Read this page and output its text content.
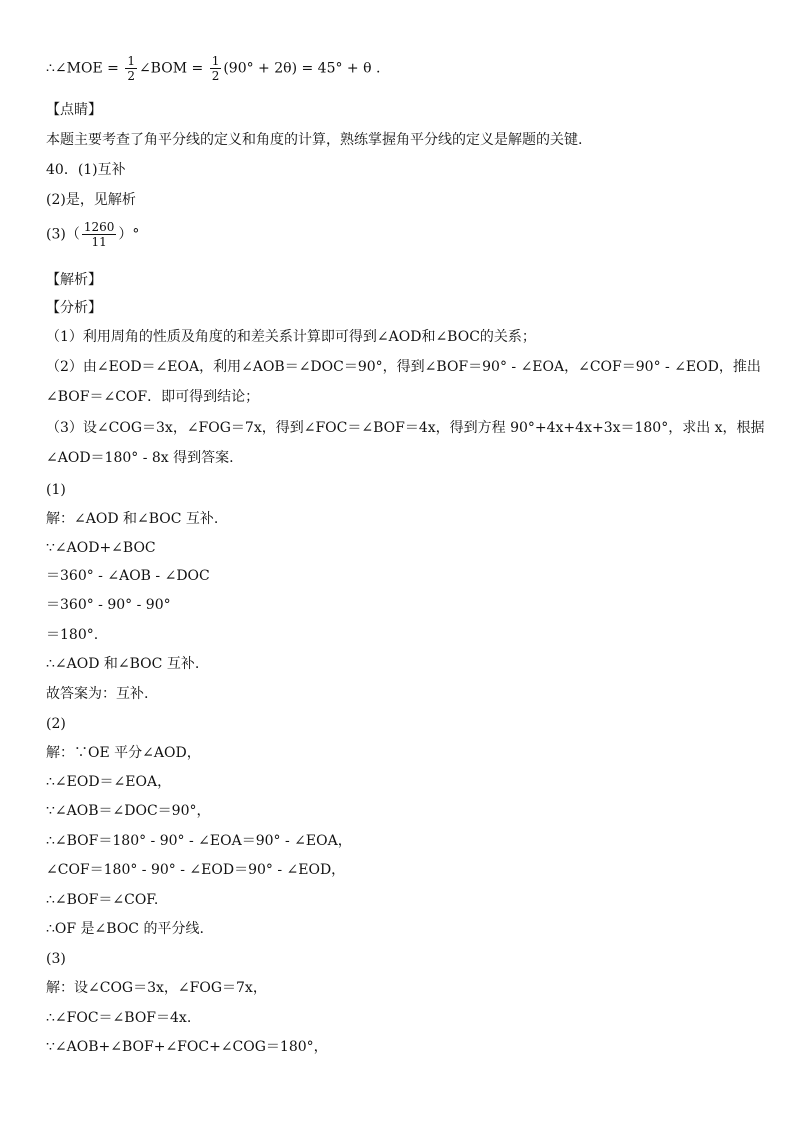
∴∠MOE = $\frac{1}{2}$ ∠BOM = $\frac{1}{2} (90^\circ + 2\theta) = 45^\circ + \theta$ .
【点睛】
本题主要考查了角平分线的定义和角度的计算，熟练掌握角平分线的定义是解题的关键.
40．(1)互补
(2)是，见解析
$(3)( \frac{1260}{11}$ ）°
【解析】
【分析】
（1）利用周角的性质及角度的和差关系计算即可得到∠AOD和∠BOC的关系；
（2）由∠EOD＝∠EOA，利用∠AOB＝∠DOC＝90°，得到∠BOF＝90° - ∠EOA，∠COF＝90° - ∠EOD，推出
∠BOF＝∠COF．即可得到结论；
（3）设∠COG＝3x，∠FOG＝7x，得到∠FOC＝∠BOF＝4x，得到方程 90°+4x+4x+3x＝180°，求出 x，根据
∠AOD＝180° - 8x 得到答案.
(1)
解：∠AOD 和∠BOC 互补.
∵∠AOD+∠BOC
＝360° - ∠AOB - ∠DOC
＝360° - 90° - 90°
＝180°.
∴∠AOD 和∠BOC 互补.
故答案为：互补.
(2)
解：∵OE 平分∠AOD，
∴∠EOD＝∠EOA，
∵∠AOB＝∠DOC＝90°，
∴∠BOF＝180° - 90° - ∠EOA＝90° - ∠EOA，
∠COF＝180° - 90° - ∠EOD＝90° - ∠EOD，
∴∠BOF＝∠COF.
∴OF 是∠BOC 的平分线.
(3)
解：设∠COG＝3x，∠FOG＝7x，
∴∠FOC＝∠BOF＝4x.
∵∠AOB+∠BOF+∠FOC+∠COG＝180°，
